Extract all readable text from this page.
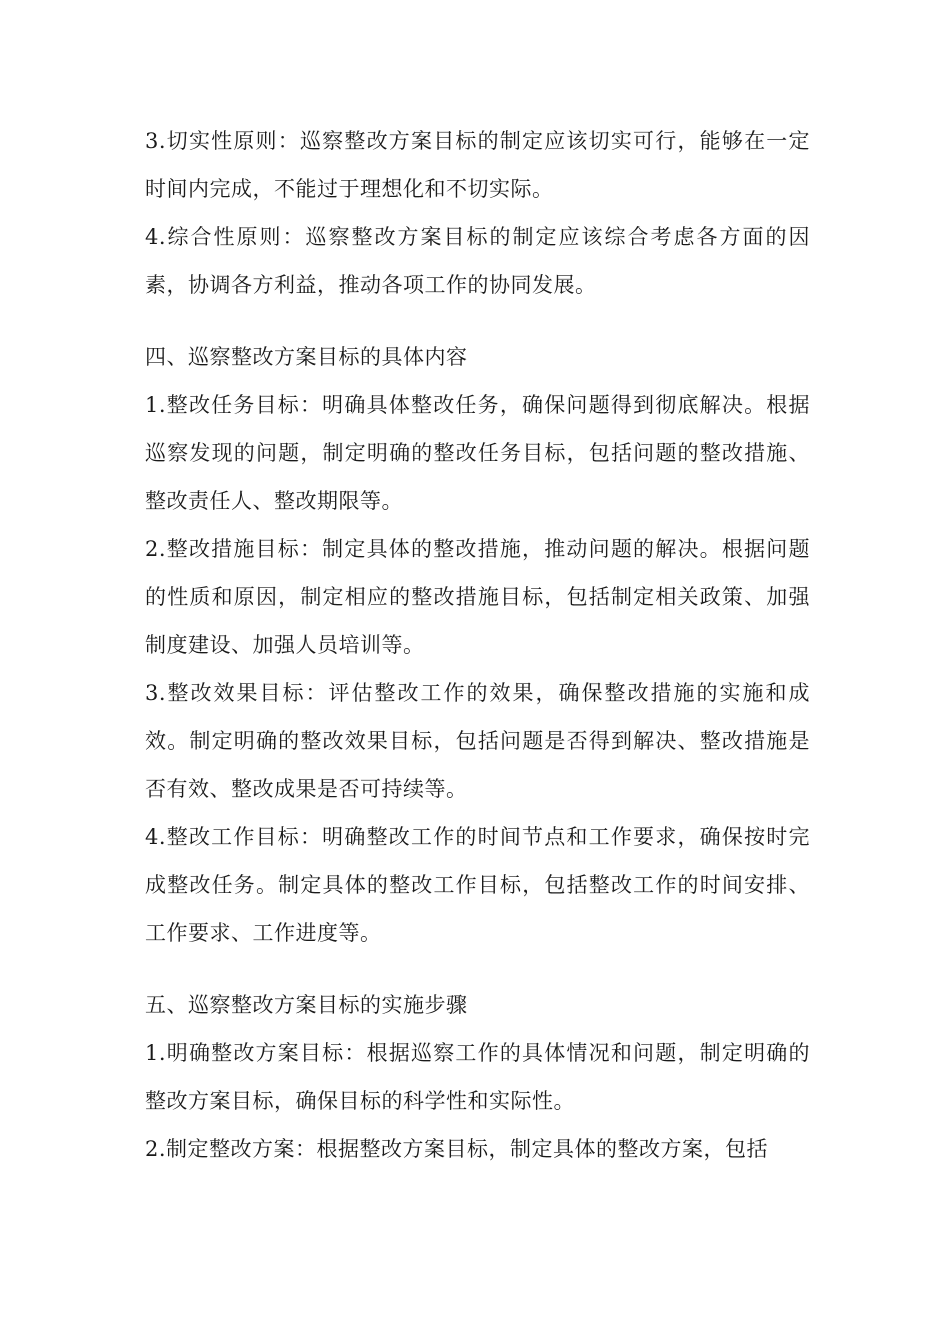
3.切实性原则：巡察整改方案目标的制定应该切实可行，能够在一定时间内完成，不能过于理想化和不切实际。

4.综合性原则：巡察整改方案目标的制定应该综合考虑各方面的因素，协调各方利益，推动各项工作的协同发展。

四、巡察整改方案目标的具体内容

1.整改任务目标：明确具体整改任务，确保问题得到彻底解决。根据巡察发现的问题，制定明确的整改任务目标，包括问题的整改措施、整改责任人、整改期限等。

2.整改措施目标：制定具体的整改措施，推动问题的解决。根据问题的性质和原因，制定相应的整改措施目标，包括制定相关政策、加强制度建设、加强人员培训等。

3.整改效果目标：评估整改工作的效果，确保整改措施的实施和成效。制定明确的整改效果目标，包括问题是否得到解决、整改措施是否有效、整改成果是否可持续等。

4.整改工作目标：明确整改工作的时间节点和工作要求，确保按时完成整改任务。制定具体的整改工作目标，包括整改工作的时间安排、工作要求、工作进度等。

五、巡察整改方案目标的实施步骤

1.明确整改方案目标：根据巡察工作的具体情况和问题，制定明确的整改方案目标，确保目标的科学性和实际性。

2.制定整改方案：根据整改方案目标，制定具体的整改方案，包括
